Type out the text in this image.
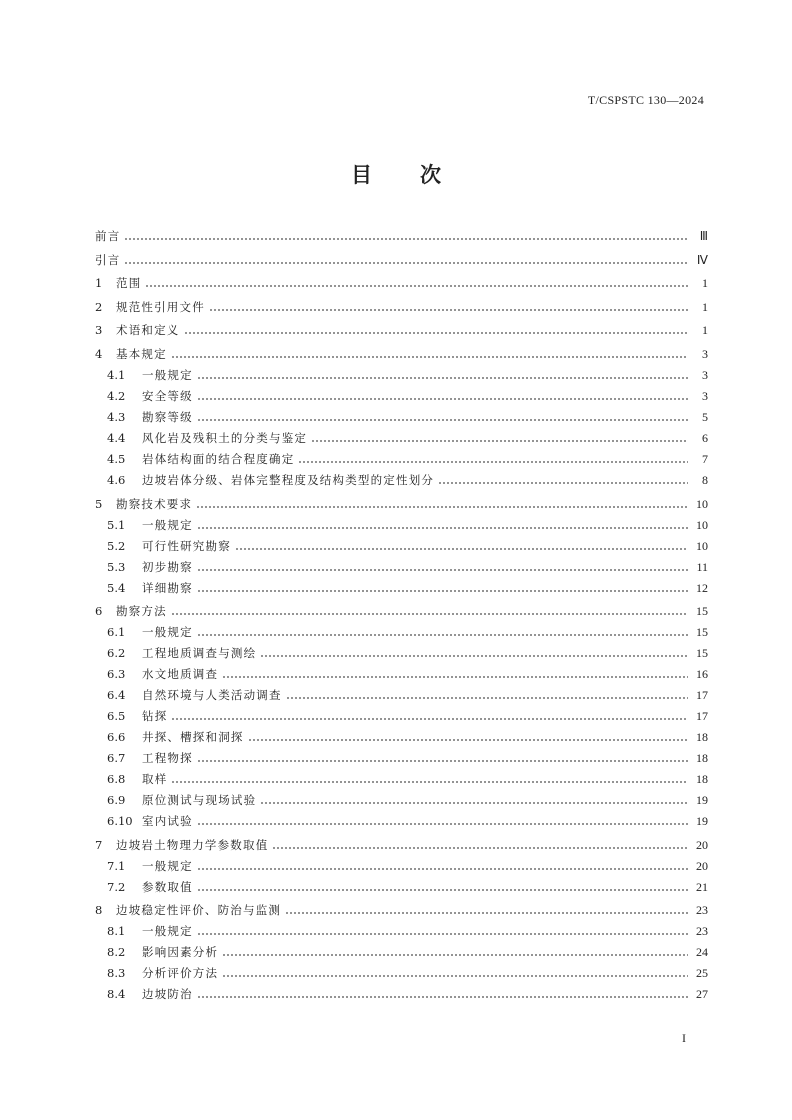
T/CSPSTC 130—2024
目 次
前言	Ⅲ
引言	Ⅳ
1	范围	1
2	规范性引用文件	1
3	术语和定义	1
4	基本规定	3
4.1	一般规定	3
4.2	安全等级	3
4.3	勘察等级	5
4.4	风化岩及残积土的分类与鉴定	6
4.5	岩体结构面的结合程度确定	7
4.6	边坡岩体分级、岩体完整程度及结构类型的定性划分	8
5	勘察技术要求	10
5.1	一般规定	10
5.2	可行性研究勘察	10
5.3	初步勘察	11
5.4	详细勘察	12
6	勘察方法	15
6.1	一般规定	15
6.2	工程地质调查与测绘	15
6.3	水文地质调查	16
6.4	自然环境与人类活动调查	17
6.5	钻探	17
6.6	井探、槽探和洞探	18
6.7	工程物探	18
6.8	取样	18
6.9	原位测试与现场试验	19
6.10 室内试验	19
7	边坡岩土物理力学参数取值	20
7.1	一般规定	20
7.2	参数取值	21
8	边坡稳定性评价、防治与监测	23
8.1	一般规定	23
8.2	影响因素分析	24
8.3	分析评价方法	25
8.4	边坡防治	27
I
